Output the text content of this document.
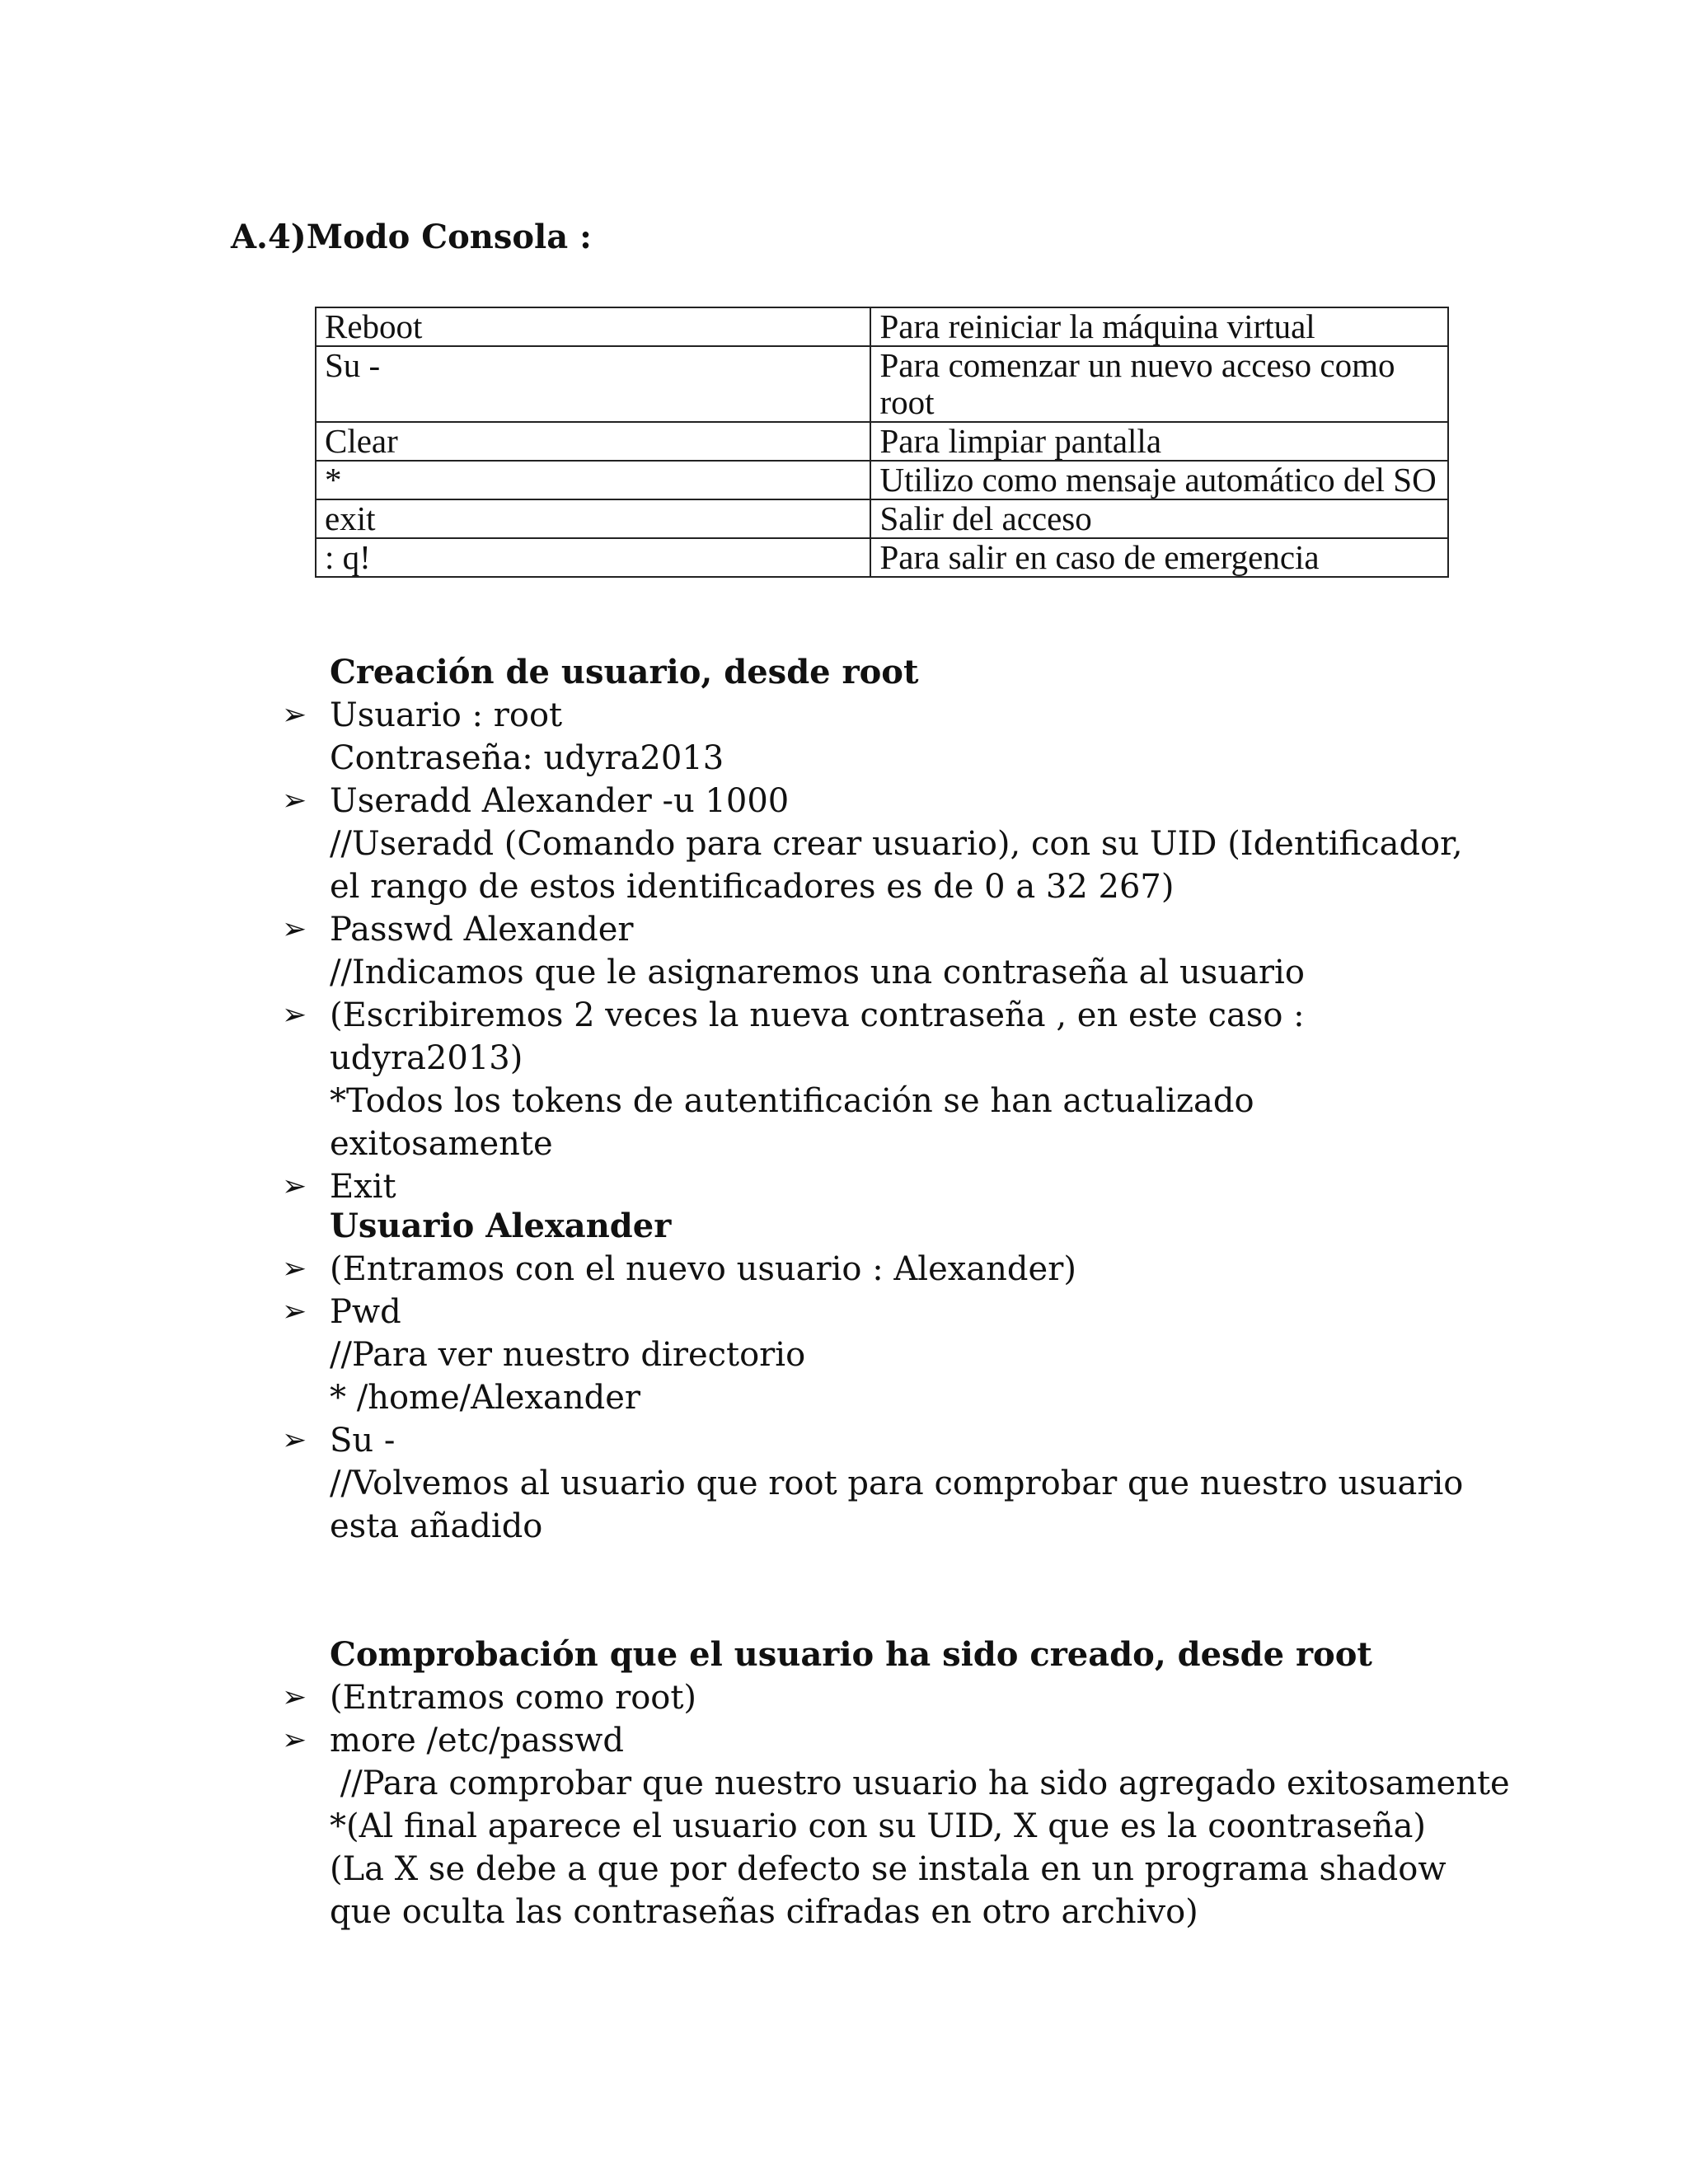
A.4)Modo Consola :
Reboot	Para reiniciar la máquina virtual
Su -	Para comenzar un nuevo acceso como root
Clear	Para limpiar pantalla
*	Utilizo como mensaje automático del SO
exit	Salir del acceso
: q!	Para salir en caso de emergencia
Creación de usuario, desde root
➢ Usuario : root

Contraseña: udyra2013

➢ Useradd Alexander -u 1000

//Useradd (Comando para crear usuario), con su UID (Identificador, el rango de estos identificadores es de 0 a 32 267)

➢ Passwd Alexander

//Indicamos que le asignaremos una contraseña al usuario

➢ (Escribiremos 2 veces la nueva contraseña , en este caso : udyra2013)

*Todos los tokens de autentificación se han actualizado exitosamente

➢ Exit

Usuario Alexander
➢ (Entramos con el nuevo usuario : Alexander)

➢ Pwd

//Para ver nuestro directorio

* /home/Alexander

➢ Su -

//Volvemos al usuario que root para comprobar que nuestro usuario esta añadido

Comprobación que el usuario ha sido creado, desde root
➢ (Entramos como root)

➢ more /etc/passwd

//Para comprobar que nuestro usuario ha sido agregado exitosamente

*(Al final aparece el usuario con su UID, X que es la coontraseña) (La X se debe a que por defecto se instala en un programa shadow que oculta las contraseñas cifradas en otro archivo)
